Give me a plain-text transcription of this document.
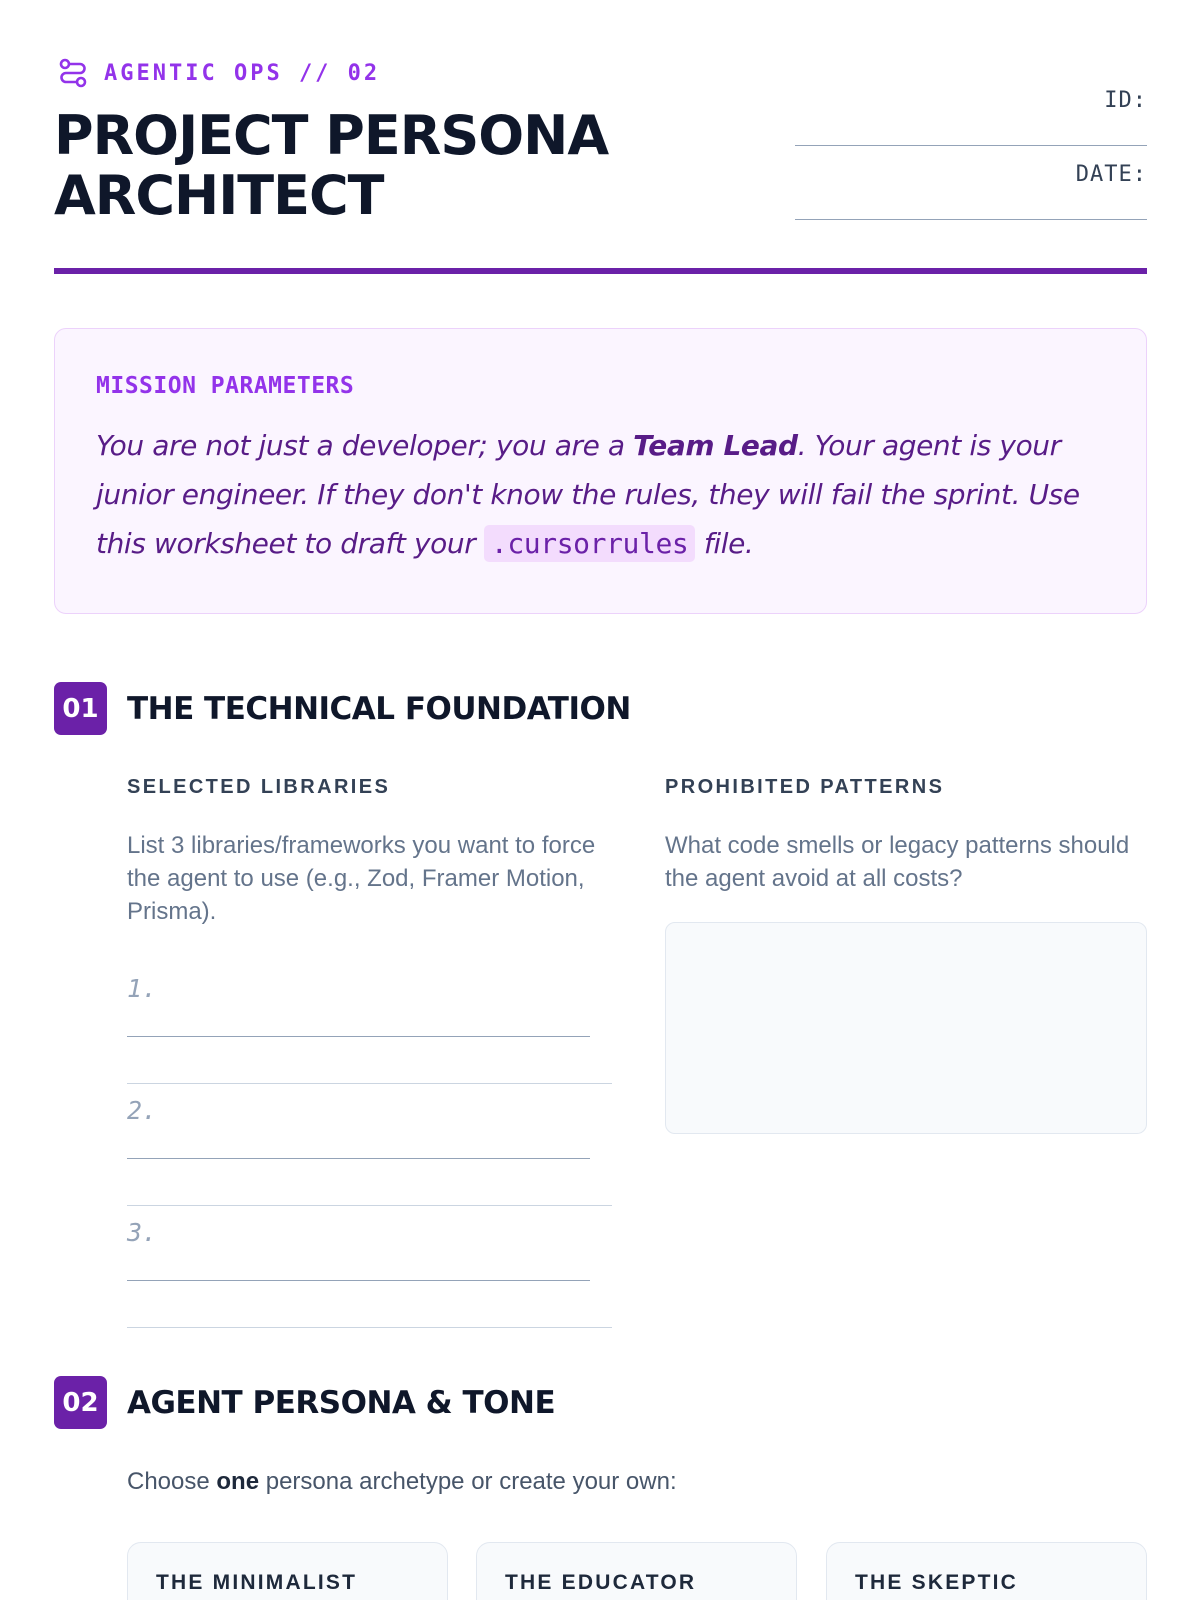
AGENTIC OPS // 02
PROJECT PERSONA
ARCHITECT
ID:
DATE:
MISSION PARAMETERS

You are not just a developer; you are a Team Lead. Your agent is your junior engineer. If they don't know the rules, they will fail the sprint. Use this worksheet to draft your .cursorrules file.

01 THE TECHNICAL FOUNDATION
SELECTED LIBRARIES

List 3 libraries/frameworks you want to force the agent to use (e.g., Zod, Framer Motion, Prisma).

1.
2.
3.
PROHIBITED PATTERNS

What code smells or legacy patterns should the agent avoid at all costs?

02 AGENT PERSONA & TONE

Choose one persona archetype or create your own:

THE MINIMALIST	THE EDUCATOR	THE SKEPTIC
